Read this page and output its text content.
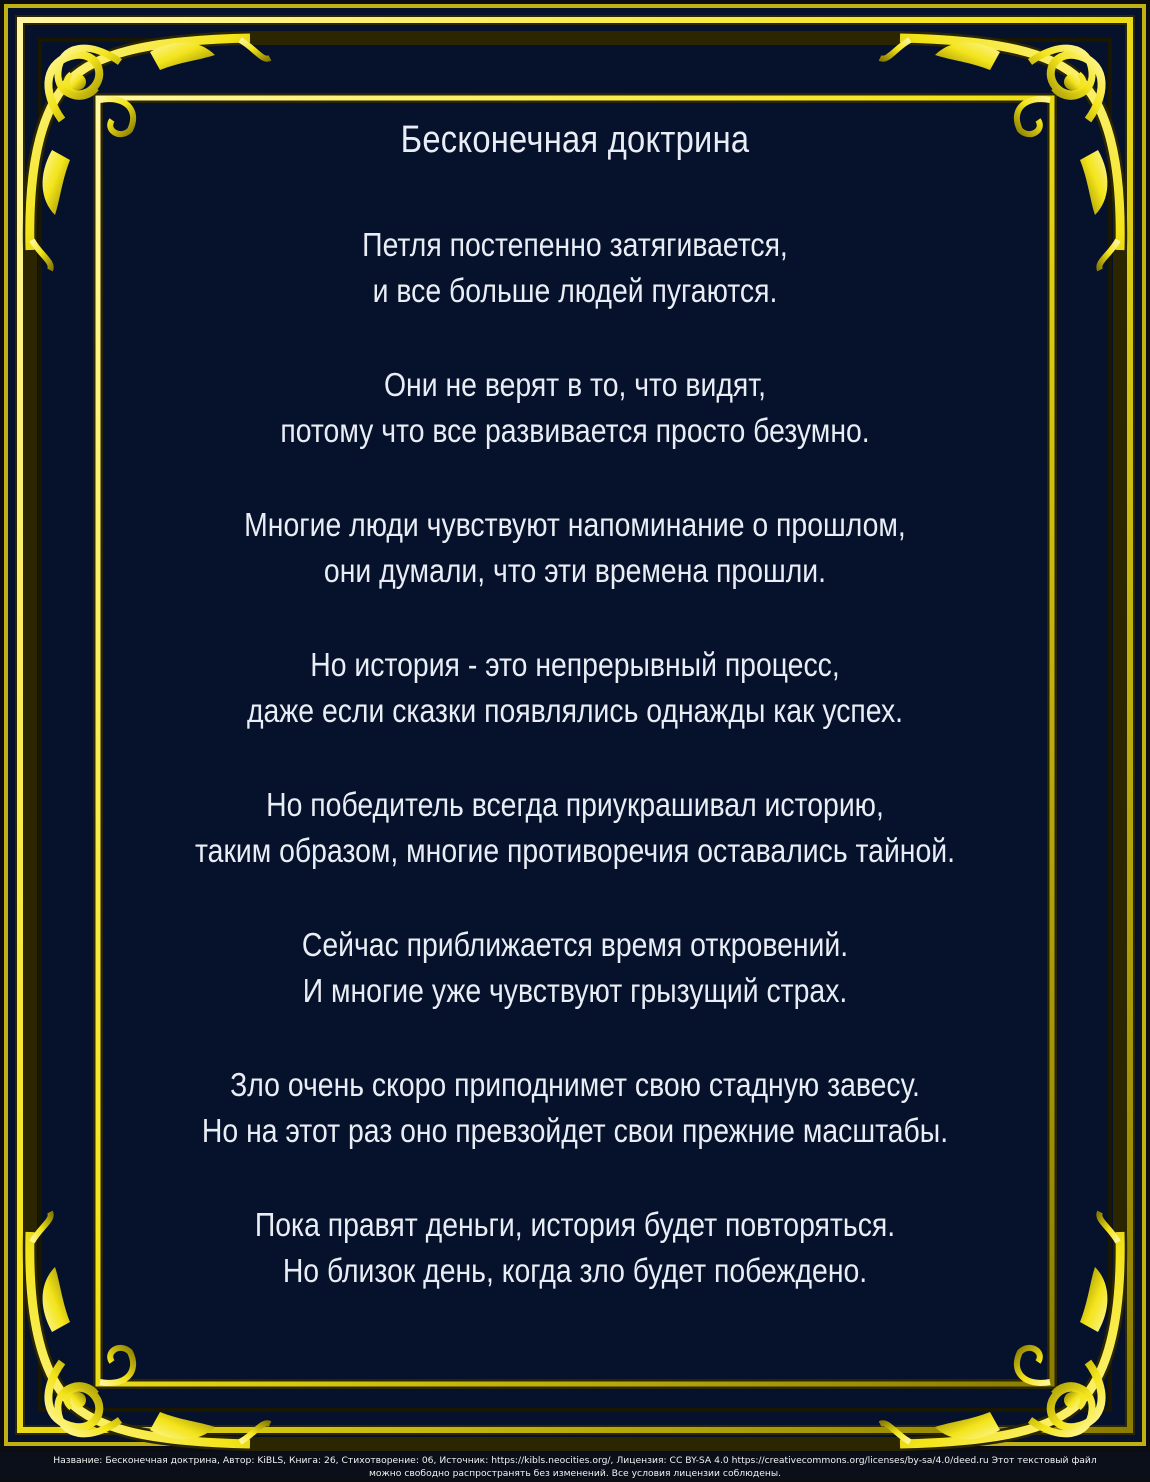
Бесконечная доктрина
Петля постепенно затягивается,
и все больше людей пугаются.
Они не верят в то, что видят,
потому что все развивается просто безумно.
Многие люди чувствуют напоминание о прошлом,
они думали, что эти времена прошли.
Но история - это непрерывный процесс,
даже если сказки появлялись однажды как успех.
Но победитель всегда приукрашивал историю,
таким образом, многие противоречия оставались тайной.
Сейчас приближается время откровений.
И многие уже чувствуют грызущий страх.
Зло очень скоро приподнимет свою стадную завесу.
Но на этот раз оно превзойдет свои прежние масштабы.
Пока правят деньги, история будет повторяться.
Но близок день, когда зло будет побеждено.
Название: Бесконечная доктрина, Автор: KiBLS, Книга: 26, Стихотворение: 06, Источник: https://kibls.neocities.org/, Лицензия: CC BY-SA 4.0 https://creativecommons.org/licenses/by-sa/4.0/deed.ru Этот текстовый файл
можно свободно распространять без изменений. Все условия лицензии соблюдены.
